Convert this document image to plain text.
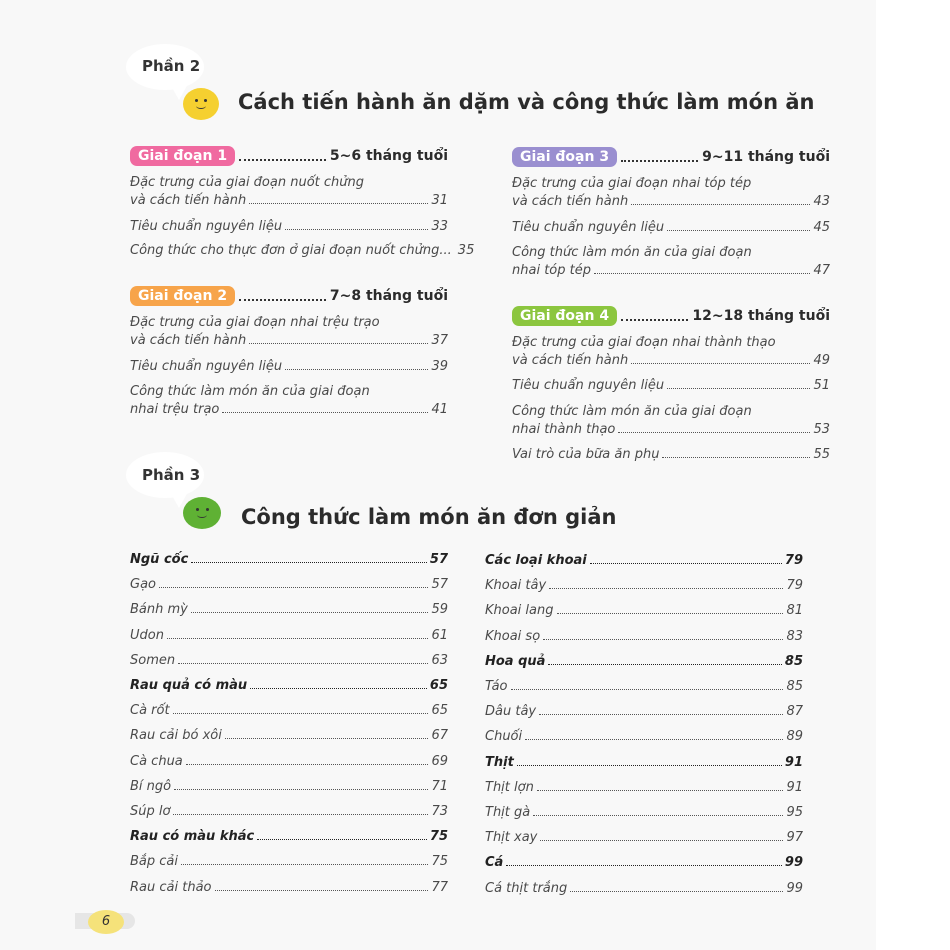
Phần 2
Cách tiến hành ăn dặm và công thức làm món ăn
Giai đoạn 1	5~6 tháng tuổi
Đặc trưng của giai đoạn nuốt chửng
và cách tiến hành	31
Tiêu chuẩn nguyên liệu	33
Công thức cho thực đơn ở giai đoạn nuốt chửng... 35
Giai đoạn 2	7~8 tháng tuổi
Đặc trưng của giai đoạn nhai trệu trạo
và cách tiến hành	37
Tiêu chuẩn nguyên liệu	39
Công thức làm món ăn của giai đoạn
nhai trệu trạo	41
Giai đoạn 3	9~11 tháng tuổi
Đặc trưng của giai đoạn nhai tóp tép
và cách tiến hành	43
Tiêu chuẩn nguyên liệu	45
Công thức làm món ăn của giai đoạn
nhai tóp tép	47
Giai đoạn 4	12~18 tháng tuổi
Đặc trưng của giai đoạn nhai thành thạo
và cách tiến hành	49
Tiêu chuẩn nguyên liệu	51
Công thức làm món ăn của giai đoạn
nhai thành thạo	53
Vai trò của bữa ăn phụ	55
Phần 3
Công thức làm món ăn đơn giản
Ngũ cốc	57
Gạo	57
Bánh mỳ	59
Udon	61
Somen	63
Rau quả có màu	65
Cà rốt	65
Rau cải bó xôi	67
Cà chua	69
Bí ngô	71
Súp lơ	73
Rau có màu khác	75
Bắp cải	75
Rau cải thảo	77
Các loại khoai	79
Khoai tây	79
Khoai lang	81
Khoai sọ	83
Hoa quả	85
Táo	85
Dâu tây	87
Chuối	89
Thịt	91
Thịt lợn	91
Thịt gà	95
Thịt xay	97
Cá	99
Cá thịt trắng	99
6
